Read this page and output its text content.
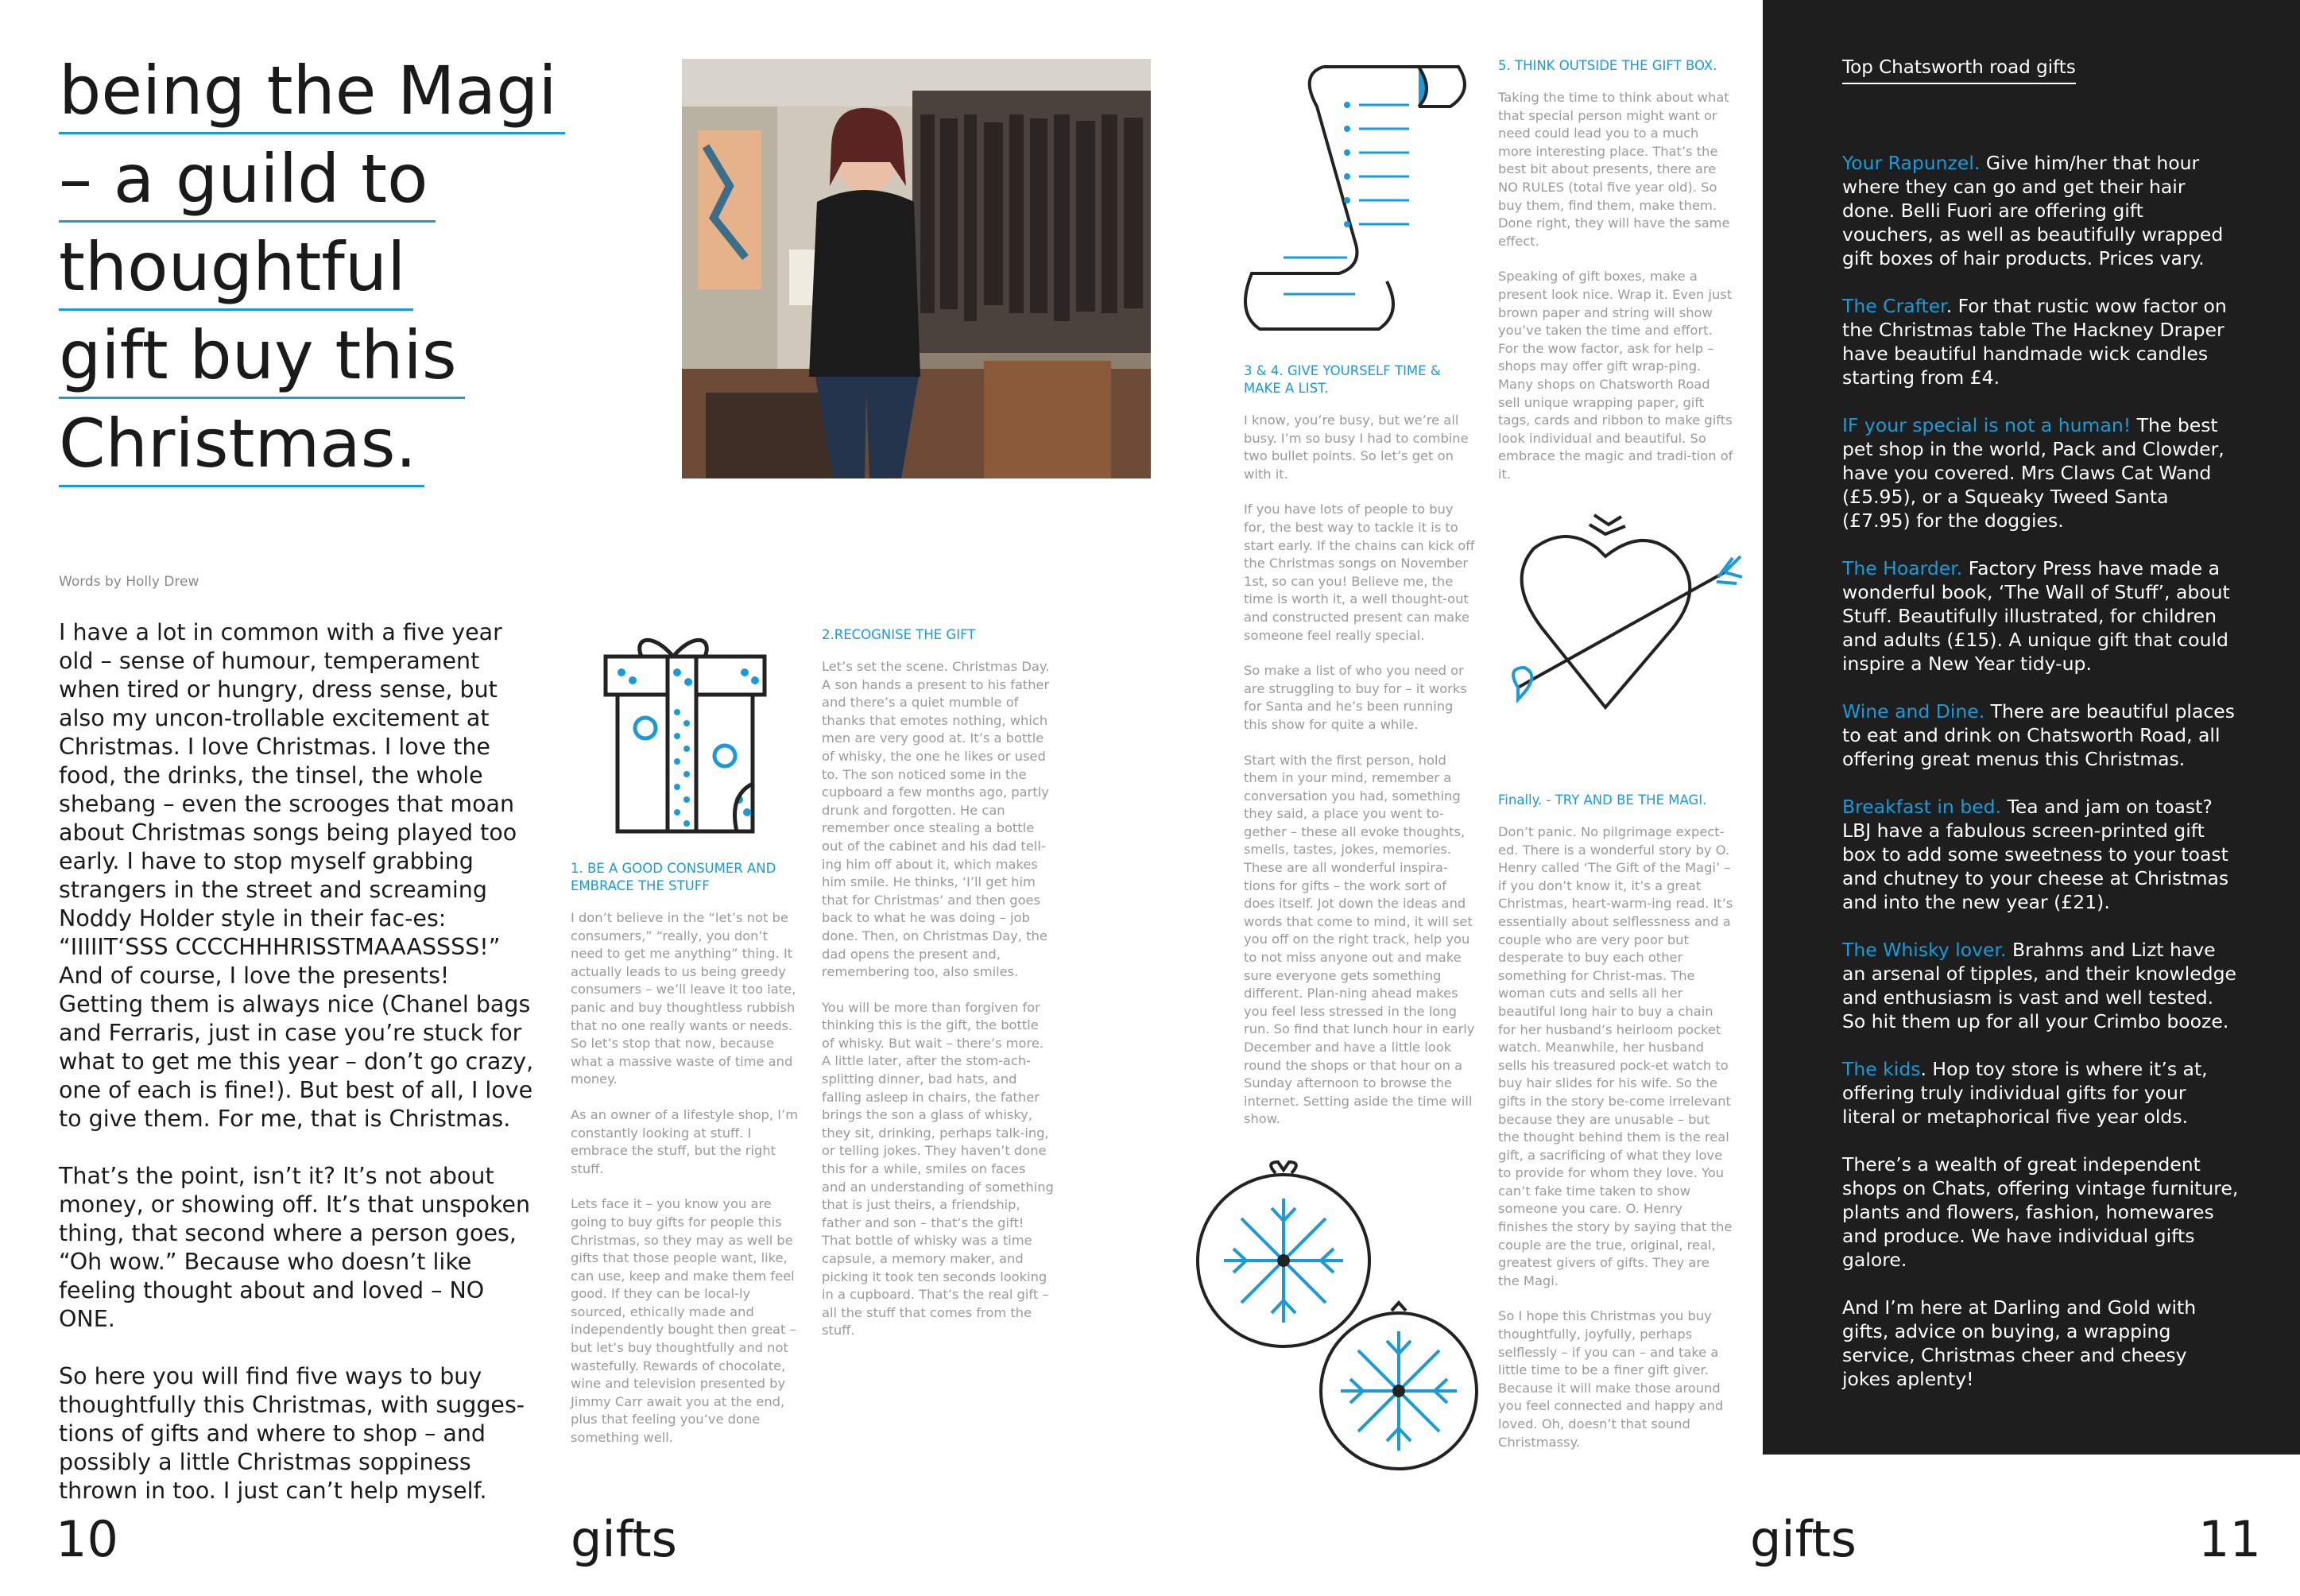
being the Magi
– a guild to
thoughtful
gift buy this
Christmas.
Words by Holly Drew

I have a lot in common with a five year old – sense of humour, temperament when tired or hungry, dress sense, but also my uncon-trollable excitement at Christmas. I love Christmas. I love the food, the drinks, the tinsel, the whole shebang – even the scrooges that moan about Christmas songs being played too early. I have to stop myself grabbing strangers in the street and screaming Noddy Holder style in their fac-es: “IIIIIT‘SSS CCCCHHHRISSTMAAASSSS!” And of course, I love the presents! Getting them is always nice (Chanel bags and Ferraris, just in case you’re stuck for what to get me this year – don’t go crazy, one of each is fine!). But best of all, I love to give them. For me, that is Christmas.

That’s the point, isn’t it? It’s not about money, or showing off. It’s that unspoken thing, that second where a person goes, “Oh wow.” Because who doesn’t like feeling thought about and loved – NO ONE.

So here you will find five ways to buy thoughtfully this Christmas, with sugges-tions of gifts and where to shop – and possibly a little Christmas soppiness thrown in too. I just can’t help myself.

1. BE A GOOD CONSUMER AND EMBRACE THE STUFF

I don’t believe in the “let’s not be consumers,” “really, you don’t need to get me anything” thing. It actually leads to us being greedy consumers – we’ll leave it too late, panic and buy thoughtless rubbish that no one really wants or needs. So let’s stop that now, because what a massive waste of time and money.

As an owner of a lifestyle shop, I’m constantly looking at stuff. I embrace the stuff, but the right stuff.

Lets face it – you know you are going to buy gifts for people this Christmas, so they may as well be gifts that those people want, like, can use, keep and make them feel good. If they can be local-ly sourced, ethically made and independently bought then great – but let’s buy thoughtfully and not wastefully. Rewards of chocolate, wine and television presented by Jimmy Carr await you at the end, plus that feeling you’ve done something well.

2.RECOGNISE THE GIFT

Let’s set the scene. Christmas Day. A son hands a present to his father and there’s a quiet mumble of thanks that emotes nothing, which men are very good at. It’s a bottle of whisky, the one he likes or used to. The son noticed some in the cupboard a few months ago, partly drunk and forgotten. He can remember once stealing a bottle out of the cabinet and his dad tell-ing him off about it, which makes him smile. He thinks, ‘I’ll get him that for Christmas’ and then goes back to what he was doing – job done. Then, on Christmas Day, the dad opens the present and, remembering too, also smiles.

You will be more than forgiven for thinking this is the gift, the bottle of whisky. But wait – there’s more. A little later, after the stom-ach-splitting dinner, bad hats, and falling asleep in chairs, the father brings the son a glass of whisky, they sit, drinking, perhaps talk-ing, or telling jokes. They haven’t done this for a while, smiles on faces and an understanding of something that is just theirs, a friendship, father and son – that’s the gift! That bottle of whisky was a time capsule, a memory maker, and picking it took ten seconds looking in a cupboard. That’s the real gift – all the stuff that comes from the stuff.

3 & 4. GIVE YOURSELF TIME & MAKE A LIST.

I know, you’re busy, but we’re all busy. I’m so busy I had to combine two bullet points. So let’s get on with it.

If you have lots of people to buy for, the best way to tackle it is to start early. If the chains can kick off the Christmas songs on November 1st, so can you! Believe me, the time is worth it, a well thought-out and constructed present can make someone feel really special.

So make a list of who you need or are struggling to buy for – it works for Santa and he’s been running this show for quite a while.

Start with the first person, hold them in your mind, remember a conversation you had, something they said, a place you went to-gether – these all evoke thoughts, smells, tastes, jokes, memories. These are all wonderful inspira-tions for gifts – the work sort of does itself. Jot down the ideas and words that come to mind, it will set you off on the right track, help you to not miss anyone out and make sure everyone gets something different. Plan-ning ahead makes you feel less stressed in the long run. So find that lunch hour in early December and have a little look round the shops or that hour on a Sunday afternoon to browse the internet. Setting aside the time will show.

5. THINK OUTSIDE THE GIFT BOX.

Taking the time to think about what that special person might want or need could lead you to a much more interesting place. That’s the best bit about presents, there are NO RULES (total five year old). So buy them, find them, make them. Done right, they will have the same effect.

Speaking of gift boxes, make a present look nice. Wrap it. Even just brown paper and string will show you’ve taken the time and effort. For the wow factor, ask for help – shops may offer gift wrap-ping. Many shops on Chatsworth Road sell unique wrapping paper, gift tags, cards and ribbon to make gifts look individual and beautiful. So embrace the magic and tradi-tion of it.

Finally. - TRY AND BE THE MAGI.

Don’t panic. No pilgrimage expect-ed. There is a wonderful story by O. Henry called ‘The Gift of the Magi’ – if you don’t know it, it’s a great Christmas, heart-warm-ing read. It’s essentially about selflessness and a couple who are very poor but desperate to buy each other something for Christ-mas. The woman cuts and sells all her beautiful long hair to buy a chain for her husband’s heirloom pocket watch. Meanwhile, her husband sells his treasured pock-et watch to buy hair slides for his wife. So the gifts in the story be-come irrelevant because they are unusable – but the thought behind them is the real gift, a sacrificing of what they love to provide for whom they love. You can’t fake time taken to show someone you care. O. Henry finishes the story by saying that the couple are the true, original, real, greatest givers of gifts. They are the Magi.

So I hope this Christmas you buy thoughtfully, joyfully, perhaps selflessly – if you can – and take a little time to be a finer gift giver. Because it will make those around you feel connected and happy and loved. Oh, doesn’t that sound Christmassy.

Top Chatsworth road gifts

Your Rapunzel. Give him/her that hour where they can go and get their hair done. Belli Fuori are offering gift vouchers, as well as beautifully wrapped gift boxes of hair products. Prices vary.

The Crafter. For that rustic wow factor on the Christmas table The Hackney Draper have beautiful handmade wick candles starting from £4.

IF your special is not a human! The best pet shop in the world, Pack and Clowder, have you covered. Mrs Claws Cat Wand (£5.95), or a Squeaky Tweed Santa (£7.95) for the doggies.

The Hoarder. Factory Press have made a wonderful book, ‘The Wall of Stuff’, about Stuff. Beautifully illustrated, for children and adults (£15). A unique gift that could inspire a New Year tidy-up.

Wine and Dine. There are beautiful places to eat and drink on Chatsworth Road, all offering great menus this Christmas.

Breakfast in bed. Tea and jam on toast? LBJ have a fabulous screen-printed gift box to add some sweetness to your toast and chutney to your cheese at Christmas and into the new year (£21).

The Whisky lover. Brahms and Lizt have an arsenal of tipples, and their knowledge and enthusiasm is vast and well tested. So hit them up for all your Crimbo booze.

The kids. Hop toy store is where it’s at, offering truly individual gifts for your literal or metaphorical five year olds.

There’s a wealth of great independent shops on Chats, offering vintage furniture, plants and flowers, fashion, homewares and produce. We have individual gifts galore.

And I’m here at Darling and Gold with gifts, advice on buying, a wrapping service, Christmas cheer and cheesy jokes aplenty!

10	gifts	gifts	11
